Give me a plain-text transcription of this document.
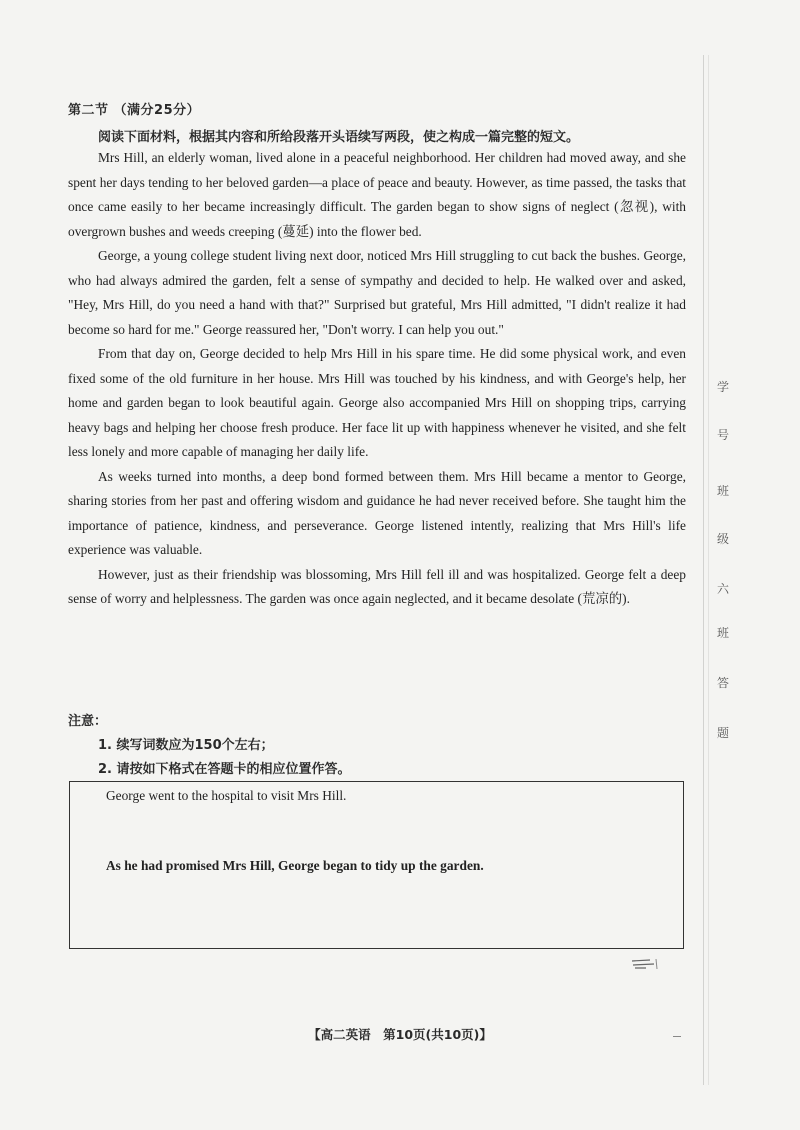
第二节 （满分25分）
阅读下面材料，根据其内容和所给段落开头语续写两段，使之构成一篇完整的短文。

Mrs Hill, an elderly woman, lived alone in a peaceful neighborhood. Her children had moved away, and she spent her days tending to her beloved garden—a place of peace and beauty. However, as time passed, the tasks that once came easily to her became increasingly difficult. The garden began to show signs of neglect (忽视), with overgrown bushes and weeds creeping (蔓延) into the flower bed.

George, a young college student living next door, noticed Mrs Hill struggling to cut back the bushes. George, who had always admired the garden, felt a sense of sympathy and decided to help. He walked over and asked, "Hey, Mrs Hill, do you need a hand with that?" Surprised but grateful, Mrs Hill admitted, "I didn't realize it had become so hard for me." George reassured her, "Don't worry. I can help you out."

From that day on, George decided to help Mrs Hill in his spare time. He did some physical work, and even fixed some of the old furniture in her house. Mrs Hill was touched by his kindness, and with George's help, her home and garden began to look beautiful again. George also accompanied Mrs Hill on shopping trips, carrying heavy bags and helping her choose fresh produce. Her face lit up with happiness whenever he visited, and she felt less lonely and more capable of managing her daily life.

As weeks turned into months, a deep bond formed between them. Mrs Hill became a mentor to George, sharing stories from her past and offering wisdom and guidance he had never received before. She taught him the importance of patience, kindness, and perseverance. George listened intently, realizing that Mrs Hill's life experience was valuable.

However, just as their friendship was blossoming, Mrs Hill fell ill and was hospitalized. George felt a deep sense of worry and helplessness. The garden was once again neglected, and it became desolate (荒凉的).

注意：
1. 续写词数应为150个左右；
2. 请按如下格式在答题卡的相应位置作答。
George went to the hospital to visit Mrs Hill.
As he had promised Mrs Hill, George began to tidy up the garden.
学
号
班
级
六
班
答
题
【高二英语　第10页(共10页)】
